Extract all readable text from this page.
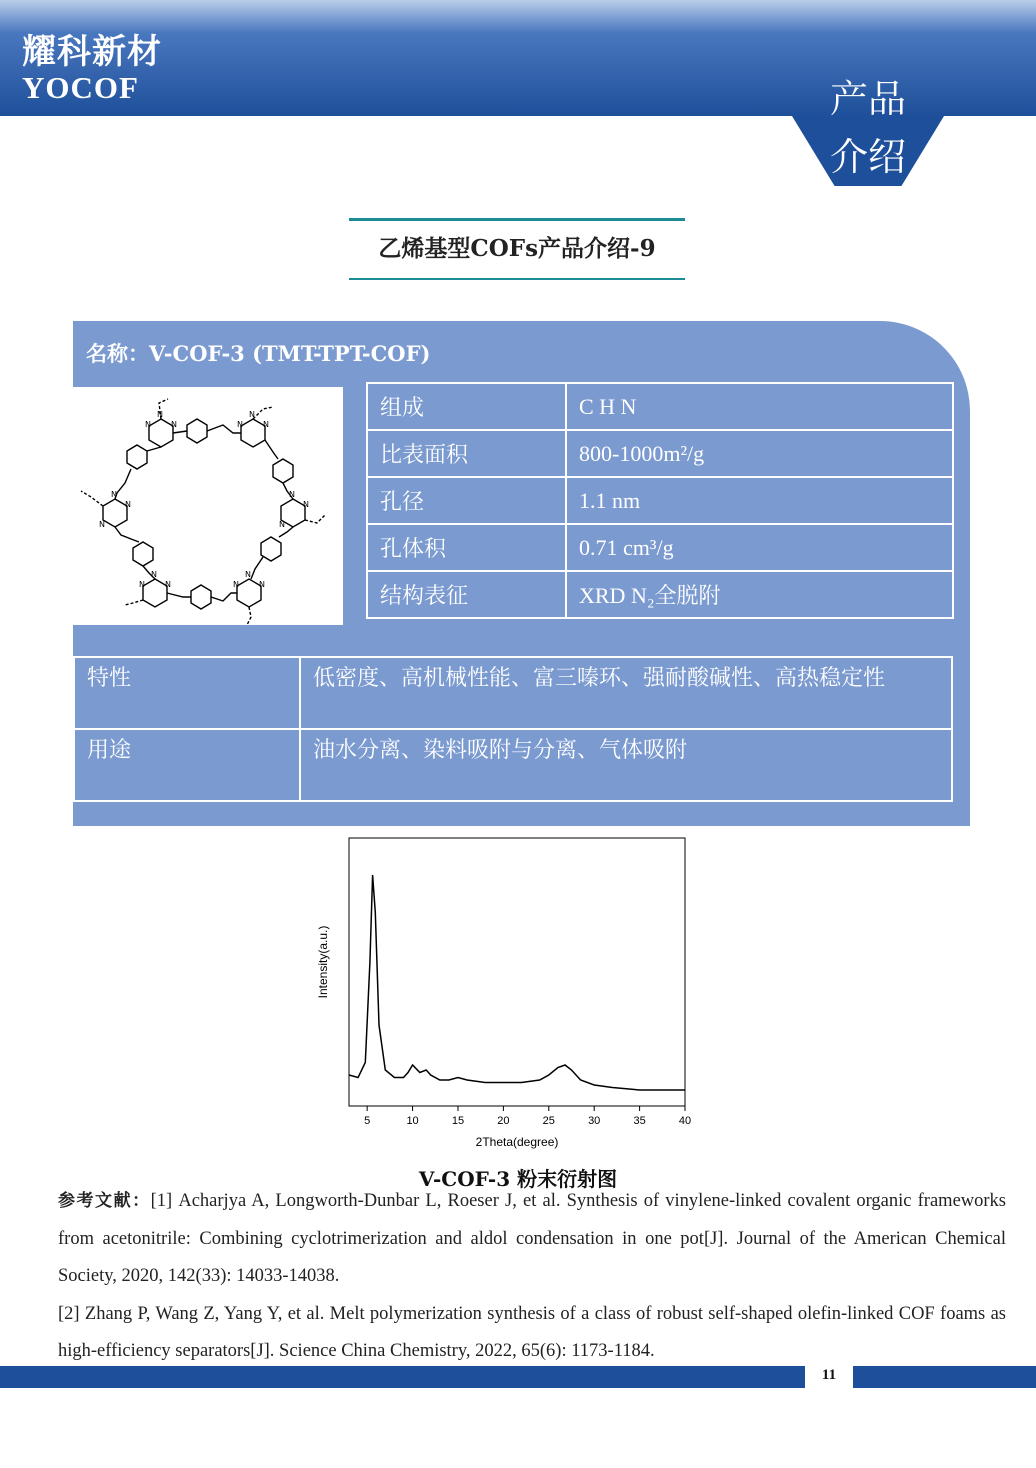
耀科新材
YOCOF	产品
介绍
乙烯基型COFs产品介绍-9
名称：V-COF-3 (TMT-TPT-COF)
N
N
N
N
N
N
N
N
N
N
N
N
N
N
N
N
N
N
组成	C H N
比表面积	800-1000m²/g
孔径	1.1 nm
孔体积	0.71 cm³/g
结构表征	XRD N₂全脱附
特性	低密度、高机械性能、富三嗪环、强耐酸碱性、高热稳定性
用途	油水分离、染料吸附与分离、气体吸附
5	10	15	20	25	30	35	40
2Theta(degree)
Intensity(a.u.)
V-COF-3 粉末衍射图

参考文献：[1] Acharjya A, Longworth-Dunbar L, Roeser J, et al. Synthesis of vinylene-linked covalent organic frameworks from acetonitrile: Combining cyclotrimerization and aldol condensation in one pot[J]. Journal of the American Chemical Society, 2020, 142(33): 14033-14038.

[2] Zhang P, Wang Z, Yang Y, et al. Melt polymerization synthesis of a class of robust self-shaped olefin-linked COF foams as high-efficiency separators[J]. Science China Chemistry, 2022, 65(6): 1173-1184.

11
